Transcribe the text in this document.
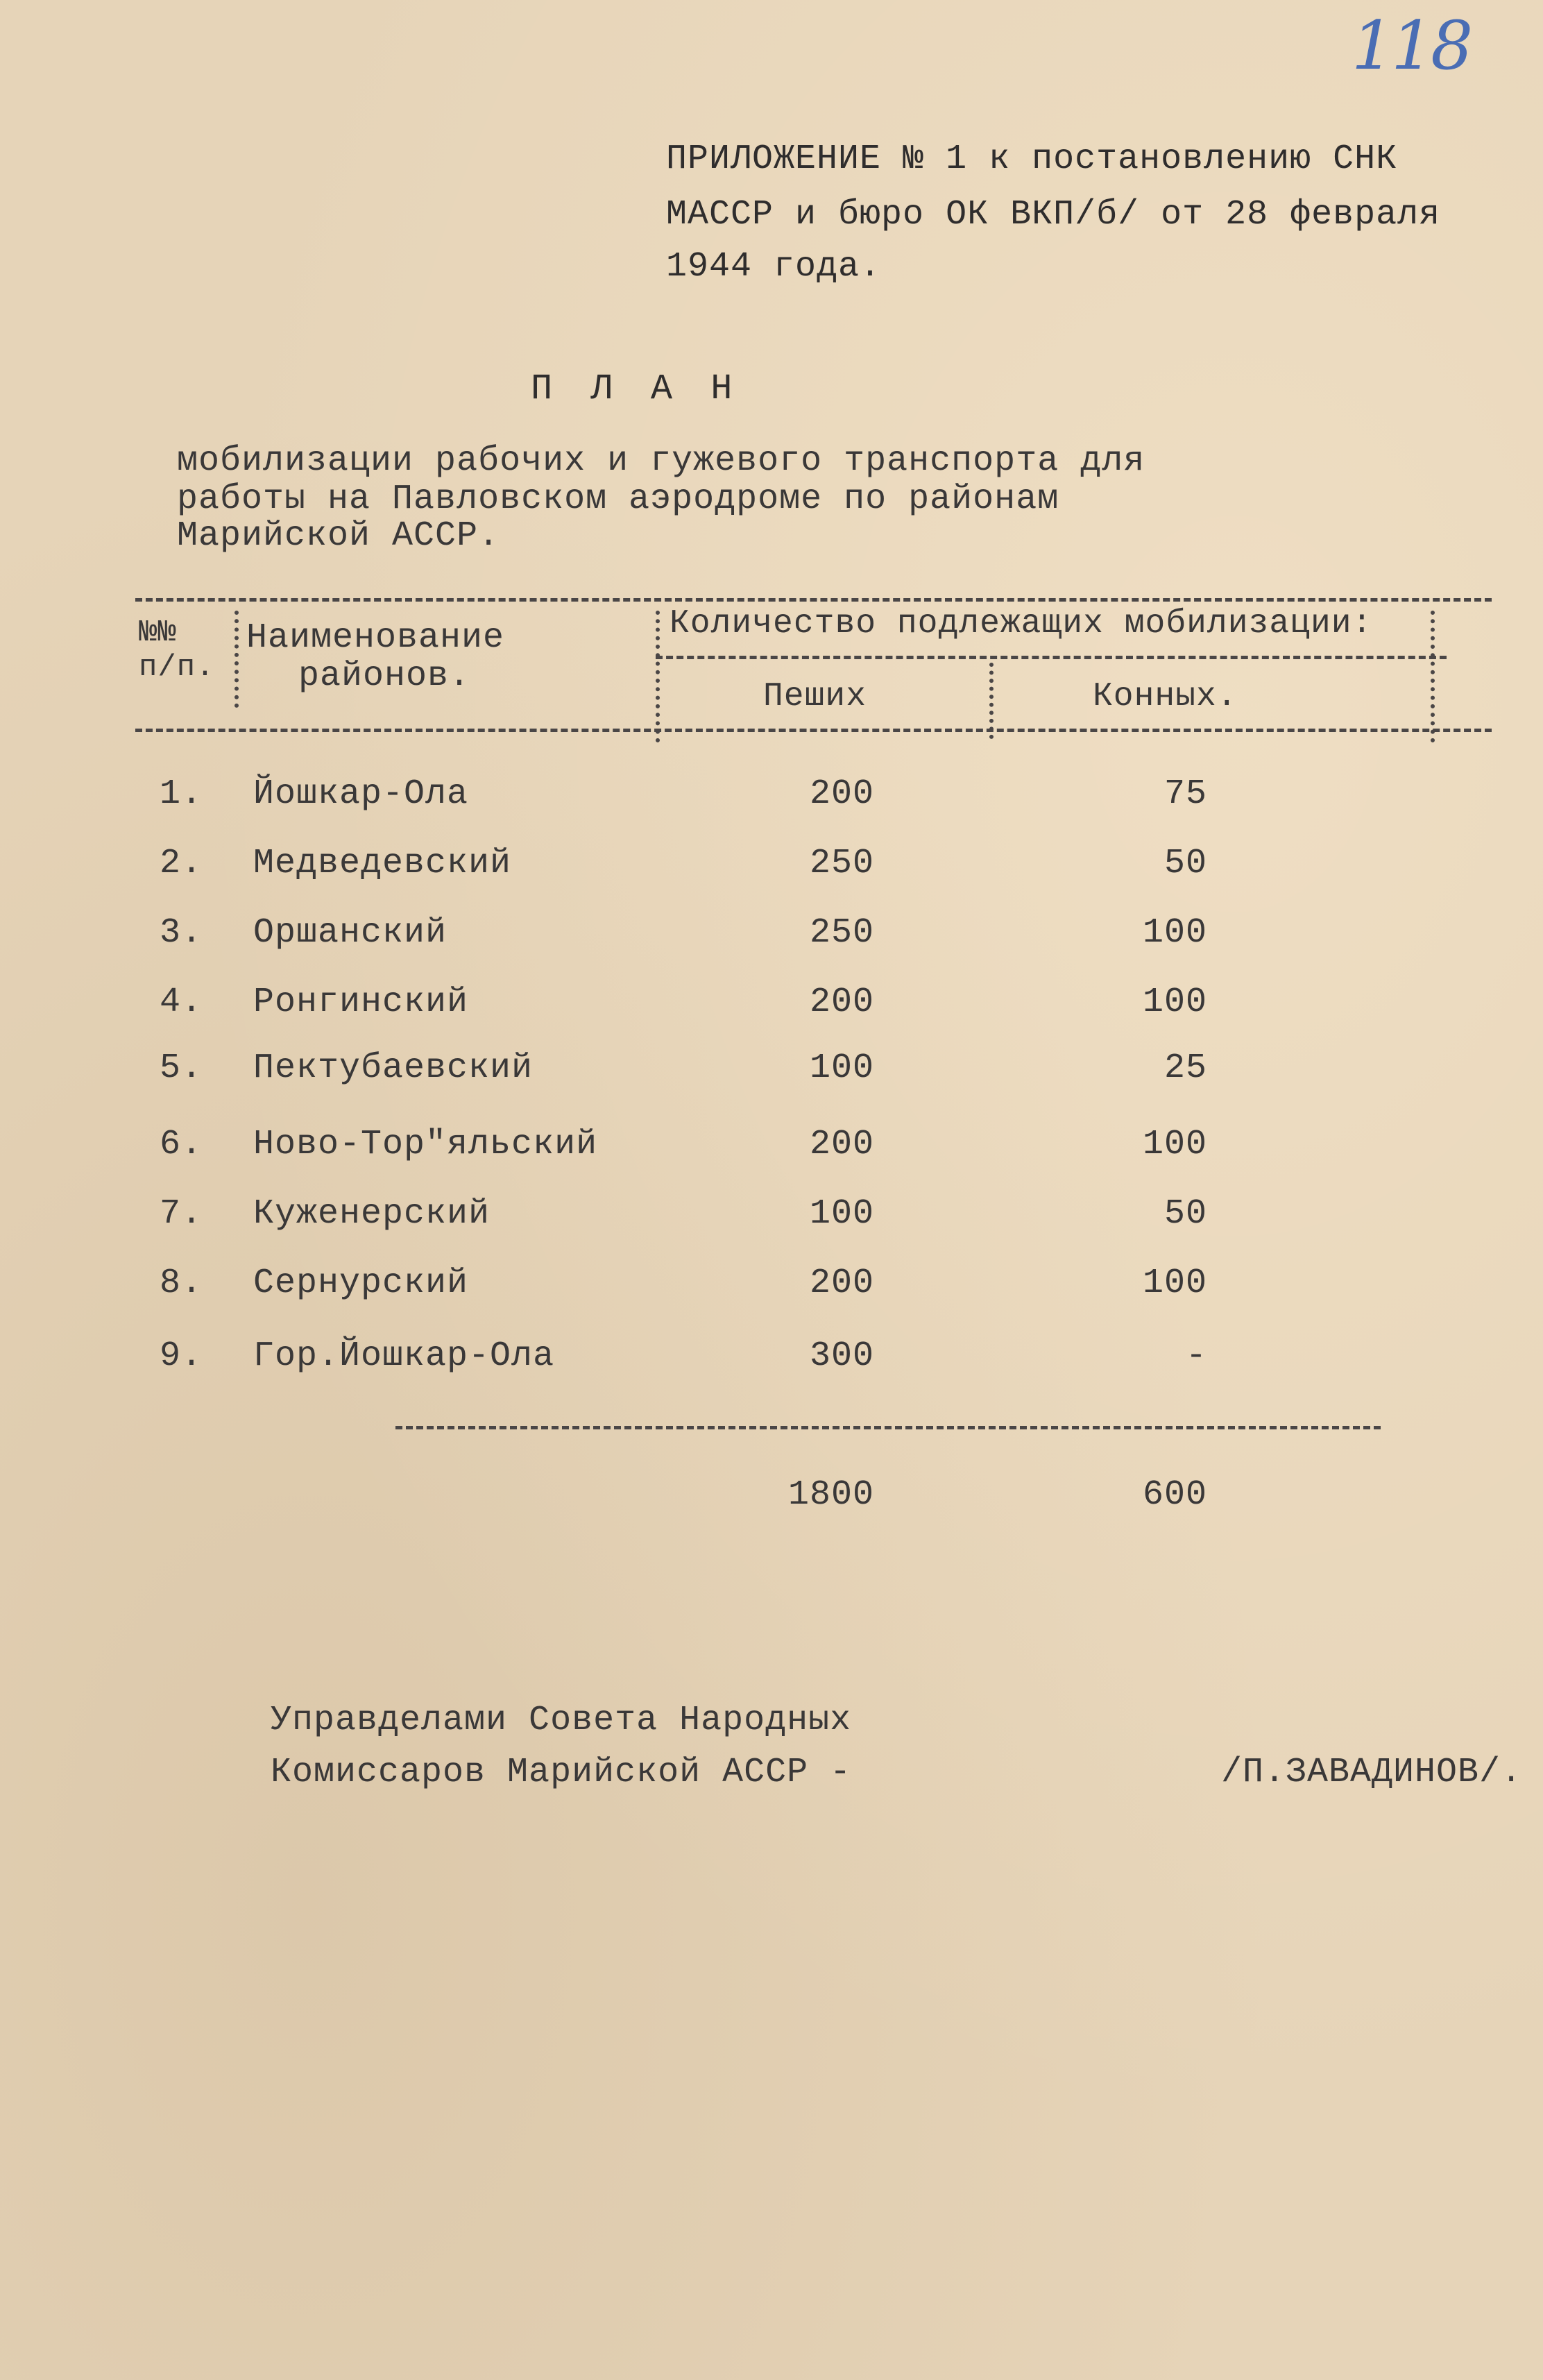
118
ПРИЛОЖЕНИЕ № 1 к постановлению СНК
МАССР и бюро ОК ВКП/б/ от 28 февраля
1944 года.
П Л А Н
мобилизации рабочих и гужевого транспорта для
работы на Павловском аэродроме по районам
Марийской АССР.
№№
п/п.
Наименование
районов.
Количество подлежащих мобилизации:
Пеших	Конных.
1. Йошкар-Ола	200	75
2. Медведевский	250	50
3. Оршанский	250	100
4. Ронгинский	200	100
5. Пектубаевский	100	25
6. Ново-Тор"яльский	200	100
7. Куженерский	100	50
8. Сернурский	200	100
9. Гор.Йошкар-Ола	300	-
1800	600
Управделами Совета Народных
Комиссаров Марийской АССР -	/П.ЗАВАДИНОВ/.
